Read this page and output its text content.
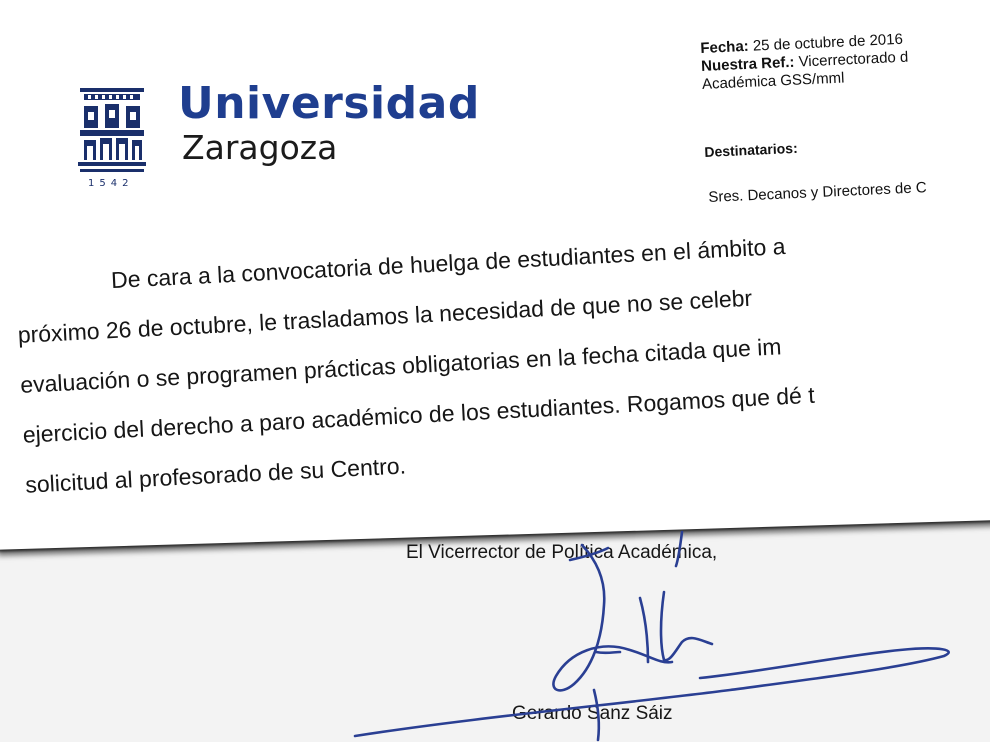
1542
Universidad
Zaragoza
Fecha: 25 de octubre de 2016
Nuestra Ref.: Vicerrectorado d
Académica GSS/mml
Destinatarios:
Sres. Decanos y Directores de C
De cara a la convocatoria de huelga de estudiantes en el ámbito a
próximo 26 de octubre, le trasladamos la necesidad de que no se celebr
evaluación o se programen prácticas obligatorias en la fecha citada que im
ejercicio del derecho a paro académico de los estudiantes. Rogamos que dé t
solicitud al profesorado de su Centro.
El Vicerrector de Política Académica,
Gerardo Sanz Sáiz
